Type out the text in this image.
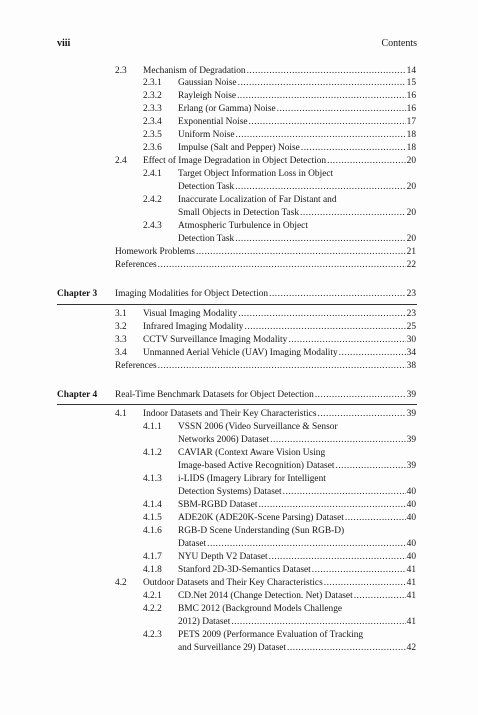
viii	Contents
2.3 Mechanism of Degradation .....	14
2.3.1 Gaussian Noise .....	15
2.3.2 Rayleigh Noise .....	16
2.3.3 Erlang (or Gamma) Noise .....	16
2.3.4 Exponential Noise .....	17
2.3.5 Uniform Noise .....	18
2.3.6 Impulse (Salt and Pepper) Noise .....	18
2.4 Effect of Image Degradation in Object Detection .....	20
2.4.1 Target Object Information Loss in Object
Detection Task .....	20
2.4.2 Inaccurate Localization of Far Distant and
Small Objects in Detection Task .....	20
2.4.3 Atmospheric Turbulence in Object
Detection Task .....	20
Homework Problems .....	21
References .....	22
Chapter 3 Imaging Modalities for Object Detection .....	23
3.1 Visual Imaging Modality .....	23
3.2 Infrared Imaging Modality .....	25
3.3 CCTV Surveillance Imaging Modality .....	30
3.4 Unmanned Aerial Vehicle (UAV) Imaging Modality .....	34
References .....	38
Chapter 4 Real-Time Benchmark Datasets for Object Detection .....	39
4.1 Indoor Datasets and Their Key Characteristics .....	39
4.1.1 VSSN 2006 (Video Surveillance & Sensor
Networks 2006) Dataset .....	39
4.1.2 CAVIAR (Context Aware Vision Using
Image-based Active Recognition) Dataset .....	39
4.1.3 i-LIDS (Imagery Library for Intelligent
Detection Systems) Dataset .....	40
4.1.4 SBM-RGBD Dataset .....	40
4.1.5 ADE20K (ADE20K-Scene Parsing) Dataset .....	40
4.1.6 RGB-D Scene Understanding (Sun RGB-D)
Dataset .....	40
4.1.7 NYU Depth V2 Dataset .....	40
4.1.8 Stanford 2D-3D-Semantics Dataset .....	41
4.2 Outdoor Datasets and Their Key Characteristics .....	41
4.2.1 CD.Net 2014 (Change Detection. Net) Dataset .....	41
4.2.2 BMC 2012 (Background Models Challenge
2012) Dataset .....	41
4.2.3 PETS 2009 (Performance Evaluation of Tracking
and Surveillance 29) Dataset .....	42
